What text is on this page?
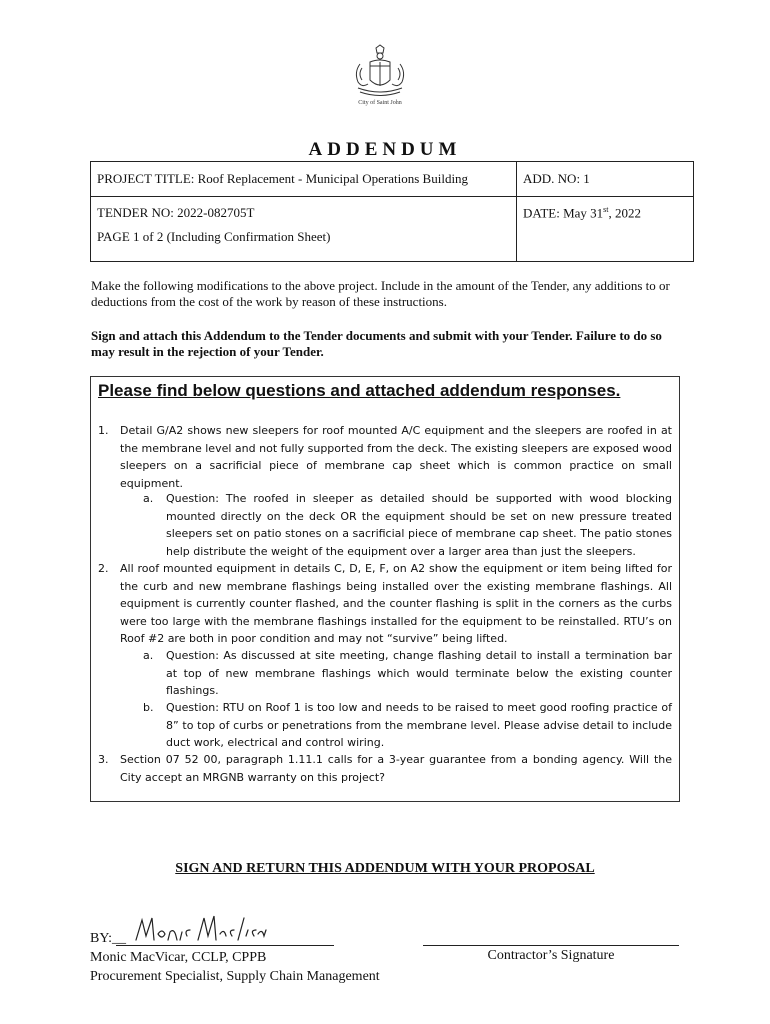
City of Saint John
ADDENDUM
PROJECT TITLE: Roof Replacement - Municipal Operations Building	ADD. NO: 1
TENDER NO: 2022-082705T	DATE: May 31st, 2022
PAGE 1 of 2 (Including Confirmation Sheet)	
Make the following modifications to the above project. Include in the amount of the Tender, any additions to or deductions from the cost of the work by reason of these instructions.
Sign and attach this Addendum to the Tender documents and submit with your Tender. Failure to do so may result in the rejection of your Tender.
Please find below questions and attached addendum responses.
1. Detail G/A2 shows new sleepers for roof mounted A/C equipment and the sleepers are roofed in at the membrane level and not fully supported from the deck. The existing sleepers are exposed wood sleepers on a sacrificial piece of membrane cap sheet which is common practice on small equipment.
a. Question: The roofed in sleeper as detailed should be supported with wood blocking mounted directly on the deck OR the equipment should be set on new pressure treated sleepers set on patio stones on a sacrificial piece of membrane cap sheet. The patio stones help distribute the weight of the equipment over a larger area than just the sleepers.
2. All roof mounted equipment in details C, D, E, F, on A2 show the equipment or item being lifted for the curb and new membrane flashings being installed over the existing membrane flashings. All equipment is currently counter flashed, and the counter flashing is split in the corners as the curbs were too large with the membrane flashings installed for the equipment to be reinstalled. RTU’s on Roof #2 are both in poor condition and may not “survive” being lifted.
a. Question: As discussed at site meeting, change flashing detail to install a termination bar at top of new membrane flashings which would terminate below the existing counter flashings.
b. Question: RTU on Roof 1 is too low and needs to be raised to meet good roofing practice of 8” to top of curbs or penetrations from the membrane level. Please advise detail to include duct work, electrical and control wiring.
3. Section 07 52 00, paragraph 1.11.1 calls for a 3-year guarantee from a bonding agency. Will the City accept an MRGNB warranty on this project?
SIGN AND RETURN THIS ADDENDUM WITH YOUR PROPOSAL
BY:__
Monic MacVicar, CCLP, CPPB
Procurement Specialist, Supply Chain Management
Contractor’s Signature
